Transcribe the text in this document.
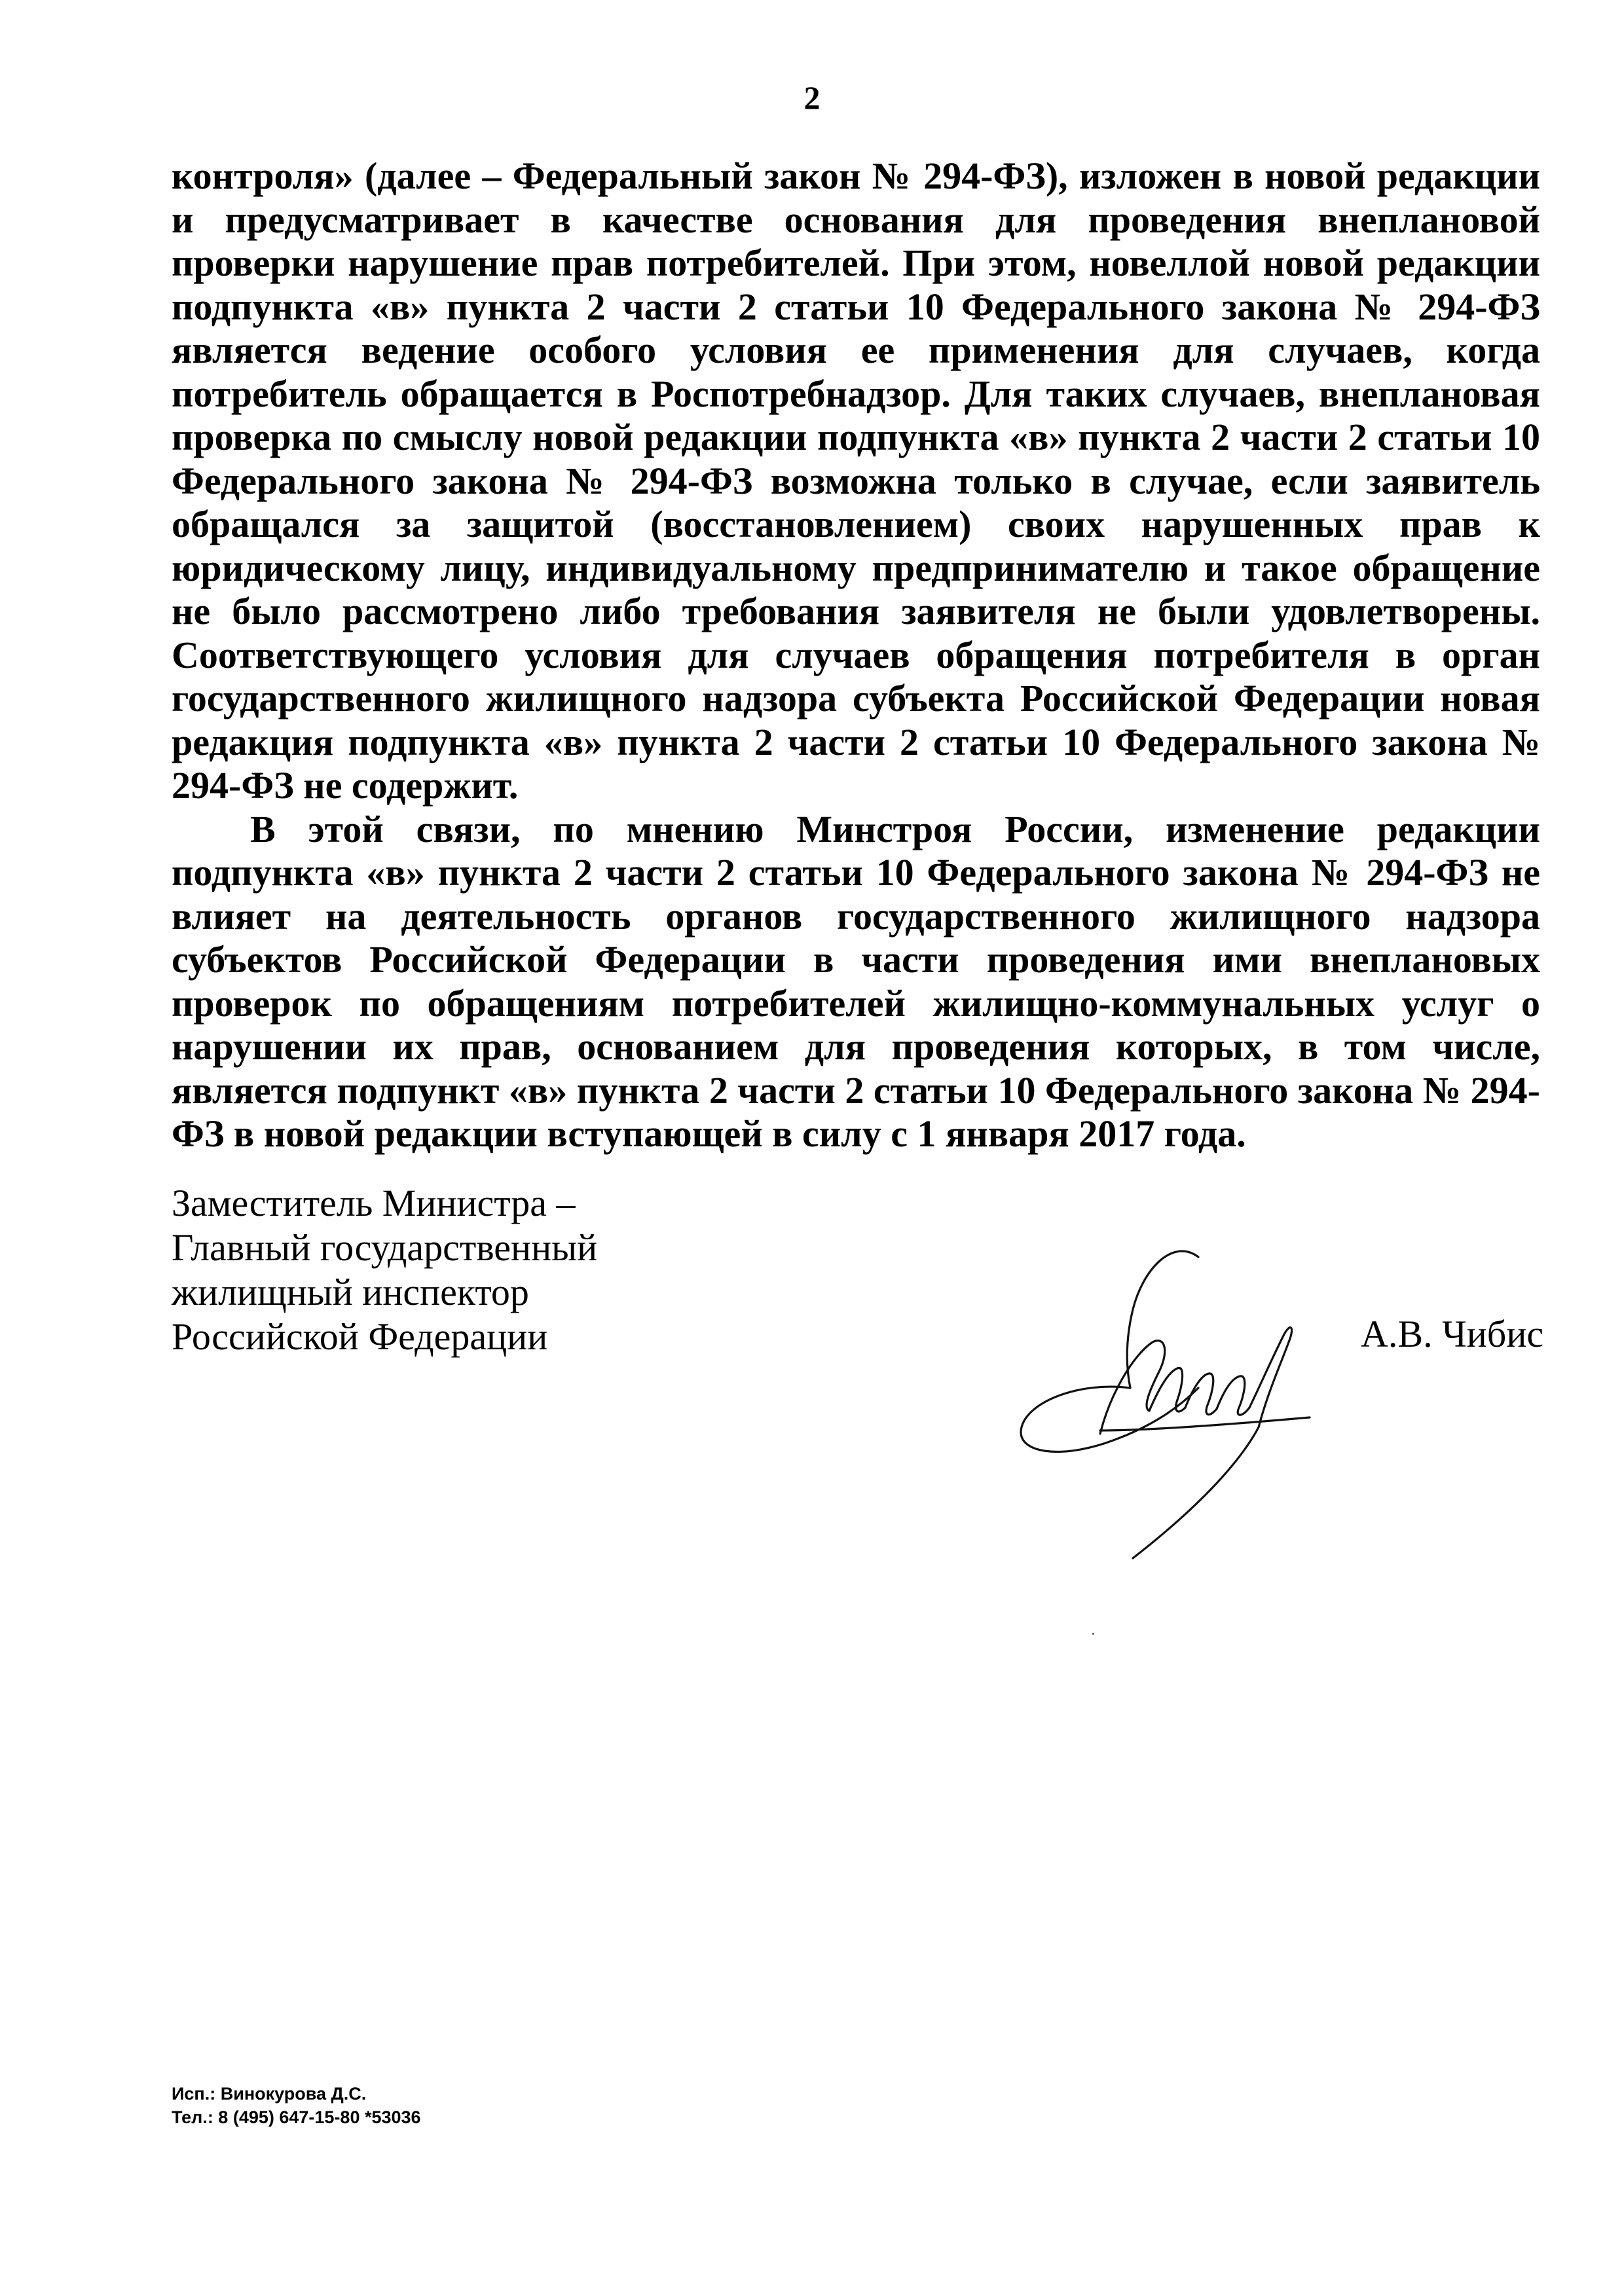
2

контроля» (далее – Федеральный закон № 294-ФЗ), изложен в новой редакции и предусматривает в качестве основания для проведения внеплановой проверки нарушение прав потребителей. При этом, новеллой новой редакции подпункта «в» пункта 2 части 2 статьи 10 Федерального закона № 294-ФЗ является ведение особого условия ее применения для случаев, когда потребитель обращается в Роспотребнадзор. Для таких случаев, внеплановая проверка по смыслу новой редакции подпункта «в» пункта 2 части 2 статьи 10 Федерального закона № 294-ФЗ возможна только в случае, если заявитель обращался за защитой (восстановлением) своих нарушенных прав к юридическому лицу, индивидуальному предпринимателю и такое обращение не было рассмотрено либо требования заявителя не были удовлетворены. Соответствующего условия для случаев обращения потребителя в орган государственного жилищного надзора субъекта Российской Федерации новая редакция подпункта «в» пункта 2 части 2 статьи 10 Федерального закона № 294-ФЗ не содержит.

В этой связи, по мнению Минстроя России, изменение редакции подпункта «в» пункта 2 части 2 статьи 10 Федерального закона № 294-ФЗ не влияет на деятельность органов государственного жилищного надзора субъектов Российской Федерации в части проведения ими внеплановых проверок по обращениям потребителей жилищно-коммунальных услуг о нарушении их прав, основанием для проведения которых, в том числе, является подпункт «в» пункта 2 части 2 статьи 10 Федерального закона № 294-ФЗ в новой редакции вступающей в силу с 1 января 2017 года.

Заместитель Министра –
Главный государственный
жилищный инспектор
Российской Федерации	А.В. Чибис
Исп.: Винокурова Д.С.
Тел.: 8 (495) 647-15-80 *53036
